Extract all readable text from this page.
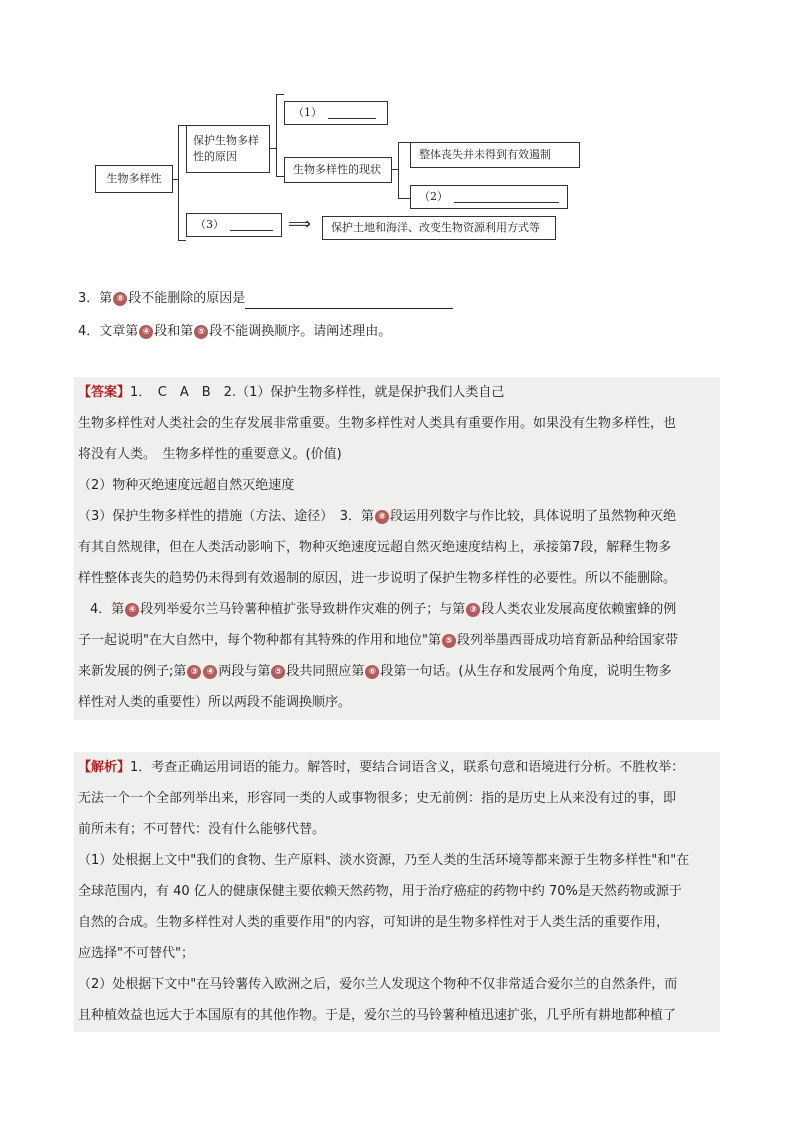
生物多样性
保护生物多样性的原因
（1）
生物多样性的现状
整体丧失并未得到有效遏制
（2）
（3）	⟹ 保护土地和海洋、改变生物资源利用方式等
3．第 ⑧ 段不能删除的原因是
4．文章第 ④ 段和第 ⑤ 段不能调换顺序。请阐述理由。
【答案】1．　C　A　B　2.（1）保护生物多样性，就是保护我们人类自己
生物多样性对人类社会的生存发展非常重要。生物多样性对人类具有重要作用。如果没有生物多样性，也
将没有人类。　生物多样性的重要意义。(价值)
（2）物种灭绝速度远超自然灭绝速度
（3）保护生物多样性的措施（方法、途径）　3．第 ⑧ 段运用列数字与作比较，具体说明了虽然物种灭绝
有其自然规律，但在人类活动影响下，物种灭绝速度远超自然灭绝速度结构上，承接第7段，解释生物多
样性整体丧失的趋势仍未得到有效遏制的原因，进一步说明了保护生物多样性的必要性。所以不能删除。
4．第 ④ 段列举爱尔兰马铃薯种植扩张导致耕作灾难的例子；与第 ③ 段人类农业发展高度依赖蜜蜂的例
子一起说明"在大自然中，每个物种都有其特殊的作用和地位"第 ⑤ 段列举墨西哥成功培育新品种给国家带
来新发展的例子;第 ③ ④ 两段与第 ⑤ 段共同照应第 ⑥ 段第一句话。(从生存和发展两个角度，说明生物多
样性对人类的重要性）所以两段不能调换顺序。
【解析】1．考查正确运用词语的能力。解答时，要结合词语含义，联系句意和语境进行分析。不胜枚举：
无法一个一个全部列举出来，形容同一类的人或事物很多；史无前例：指的是历史上从来没有过的事，即
前所未有；不可替代：没有什么能够代替。
（1）处根据上文中"我们的食物、生产原料、淡水资源，乃至人类的生活环境等都来源于生物多样性"和"在
全球范围内，有 40 亿人的健康保健主要依赖天然药物，用于治疗癌症的药物中约 70%是天然药物或源于
自然的合成。生物多样性对人类的重要作用"的内容，可知讲的是生物多样性对于人类生活的重要作用，
应选择"不可替代"；
（2）处根据下文中"在马铃薯传入欧洲之后，爱尔兰人发现这个物种不仅非常适合爱尔兰的自然条件，而
且种植效益也远大于本国原有的其他作物。于是，爱尔兰的马铃薯种植迅速扩张，几乎所有耕地都种植了
